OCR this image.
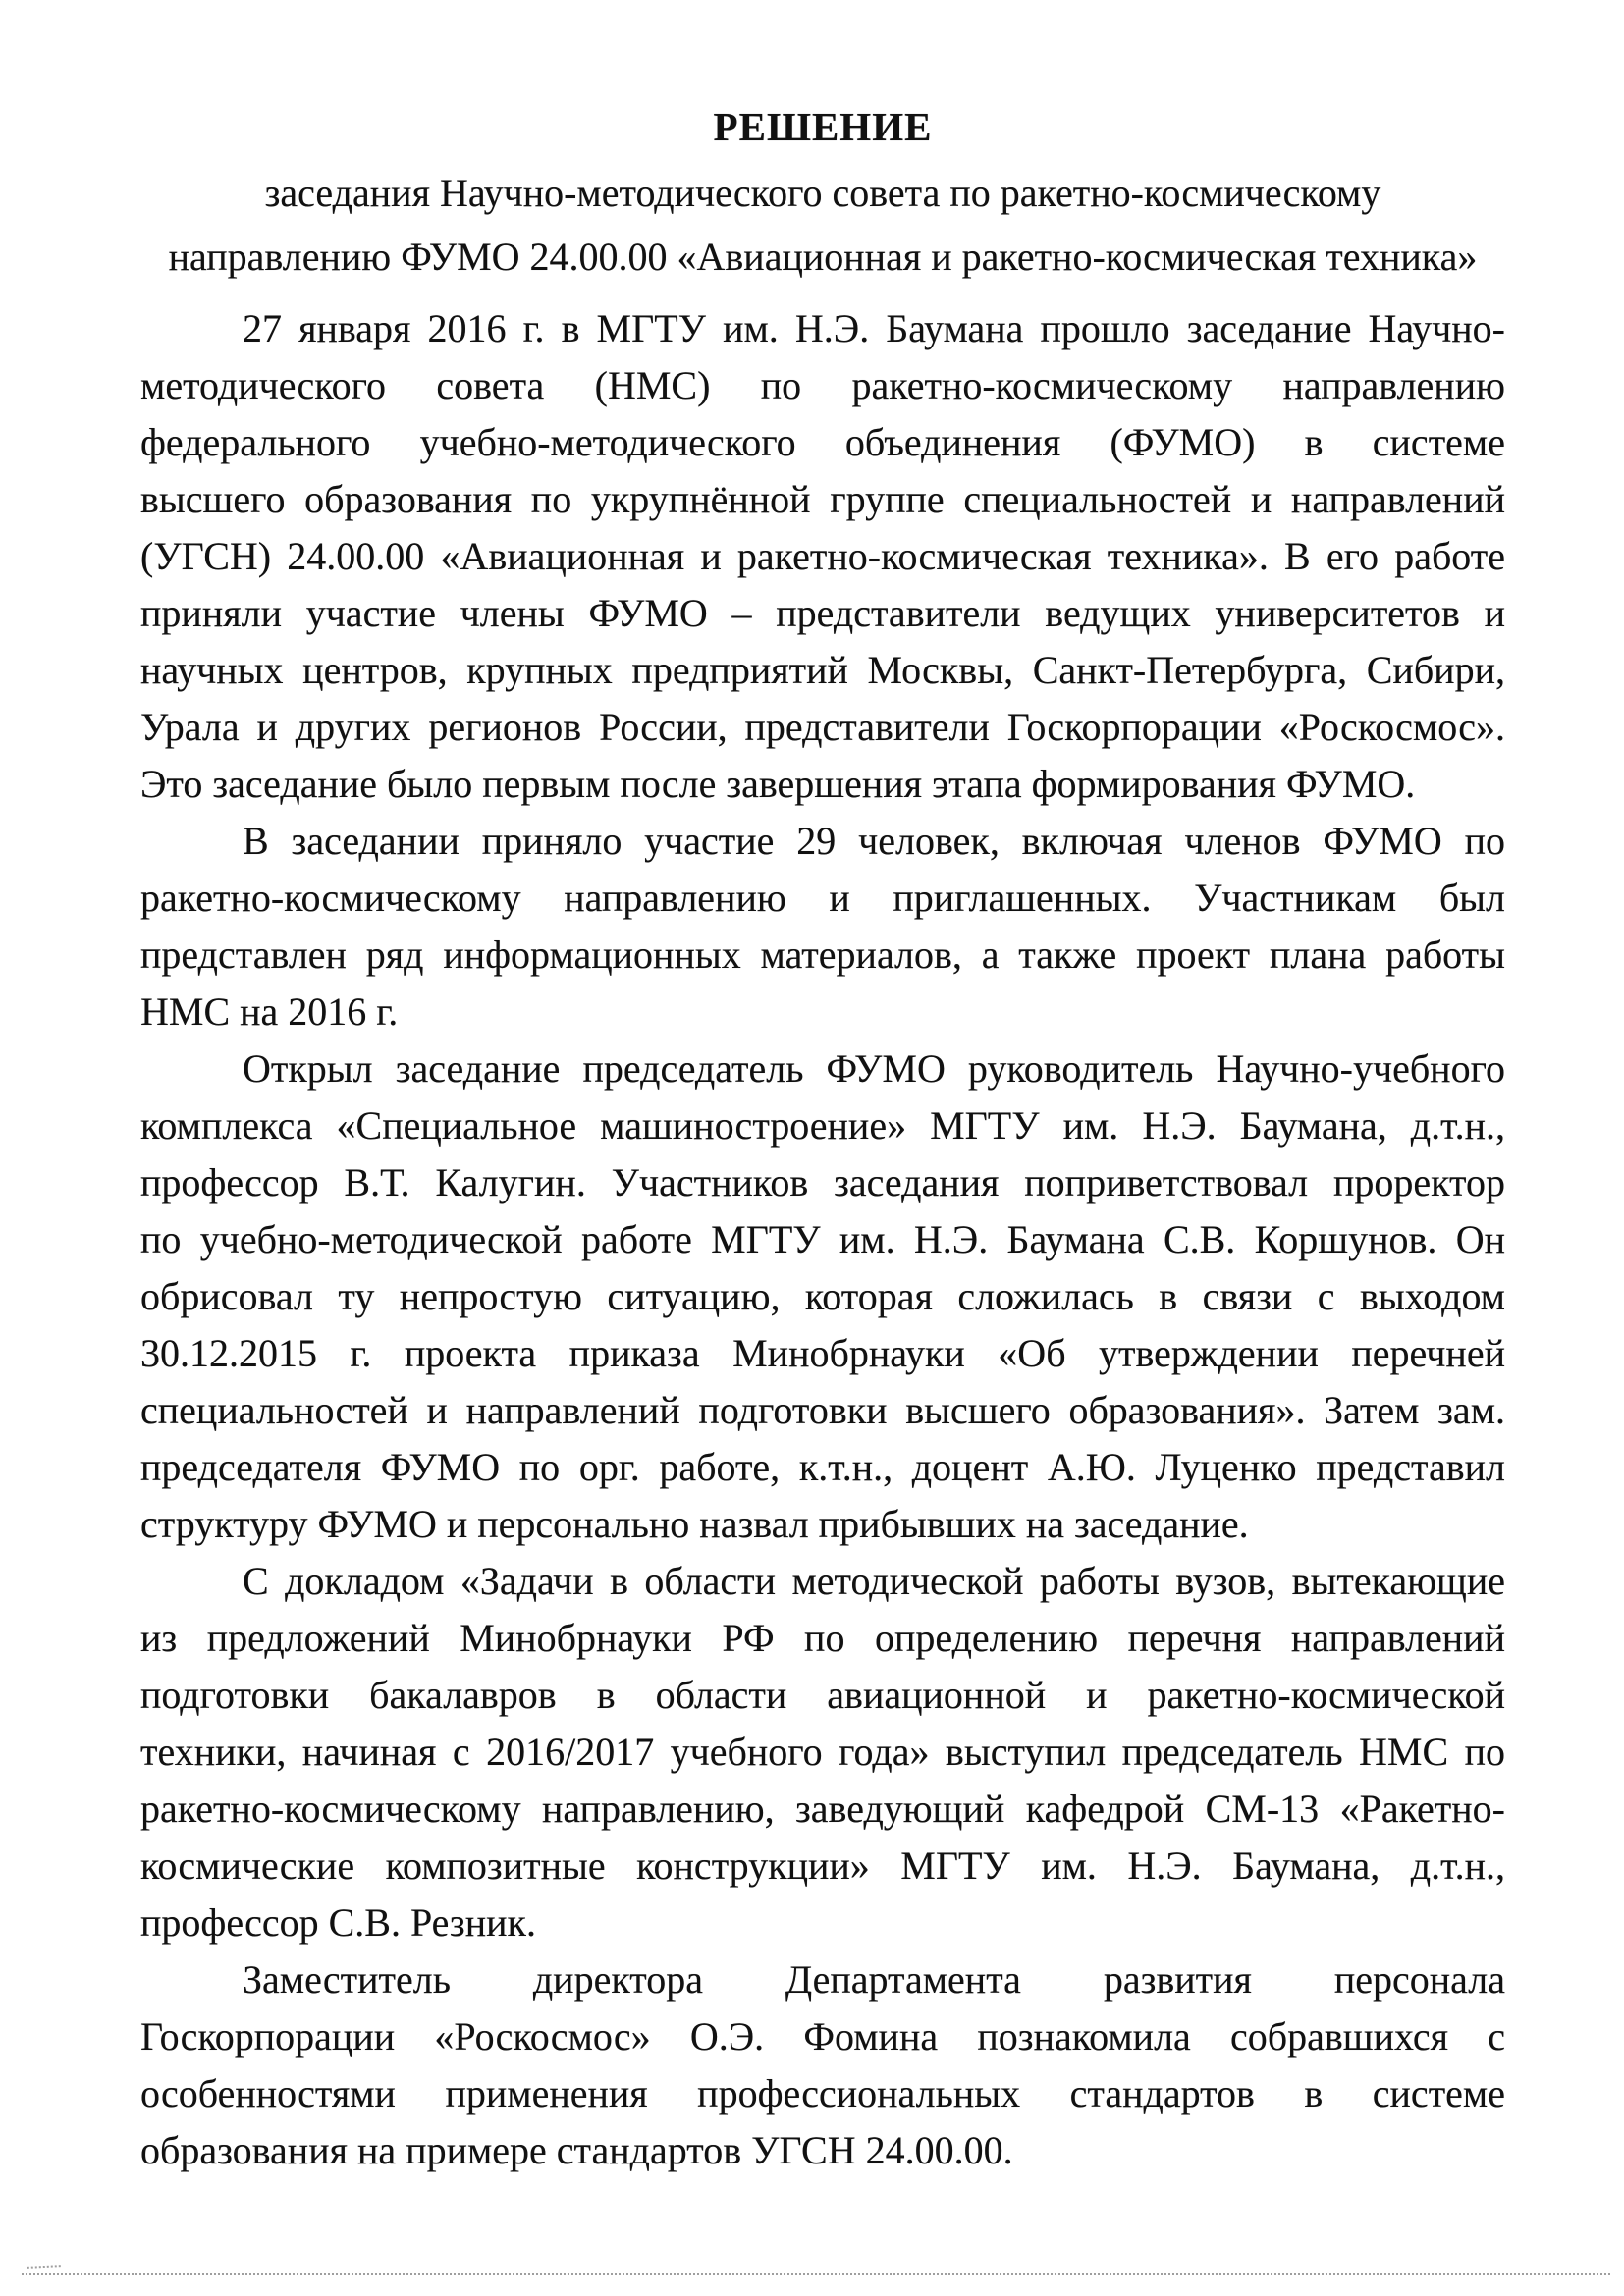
РЕШЕНИЕ
заседания Научно-методического совета по ракетно-космическому
направлению ФУМО 24.00.00 «Авиационная и ракетно-космическая техника»
27 января 2016 г. в МГТУ им. Н.Э. Баумана прошло заседание Научно-
методического совета (НМС) по ракетно-космическому направлению
федерального учебно-методического объединения (ФУМО) в системе
высшего образования по укрупнённой группе специальностей и направлений
(УГСН) 24.00.00 «Авиационная и ракетно-космическая техника». В его работе
приняли участие члены ФУМО – представители ведущих университетов и
научных центров, крупных предприятий Москвы, Санкт-Петербурга, Сибири,
Урала и других регионов России, представители Госкорпорации «Роскосмос».
Это заседание было первым после завершения этапа формирования ФУМО.
В заседании приняло участие 29 человек, включая членов ФУМО по
ракетно-космическому направлению и приглашенных. Участникам был
представлен ряд информационных материалов, а также проект плана работы
НМС на 2016 г.
Открыл заседание председатель ФУМО руководитель Научно-учебного
комплекса «Специальное машиностроение» МГТУ им. Н.Э. Баумана, д.т.н.,
профессор В.Т. Калугин. Участников заседания поприветствовал проректор
по учебно-методической работе МГТУ им. Н.Э. Баумана С.В. Коршунов. Он
обрисовал ту непростую ситуацию, которая сложилась в связи с выходом
30.12.2015 г. проекта приказа Минобрнауки «Об утверждении перечней
специальностей и направлений подготовки высшего образования». Затем зам.
председателя ФУМО по орг. работе, к.т.н., доцент А.Ю. Луценко представил
структуру ФУМО и персонально назвал прибывших на заседание.
С докладом «Задачи в области методической работы вузов, вытекающие
из предложений Минобрнауки РФ по определению перечня направлений
подготовки бакалавров в области авиационной и ракетно-космической
техники, начиная с 2016/2017 учебного года» выступил председатель НМС по
ракетно-космическому направлению, заведующий кафедрой СМ-13 «Ракетно-
космические композитные конструкции» МГТУ им. Н.Э. Баумана, д.т.н.,
профессор С.В. Резник.
Заместитель директора Департамента развития персонала
Госкорпорации «Роскосмос» О.Э. Фомина познакомила собравшихся с
особенностями применения профессиональных стандартов в системе
образования на примере стандартов УГСН 24.00.00.
